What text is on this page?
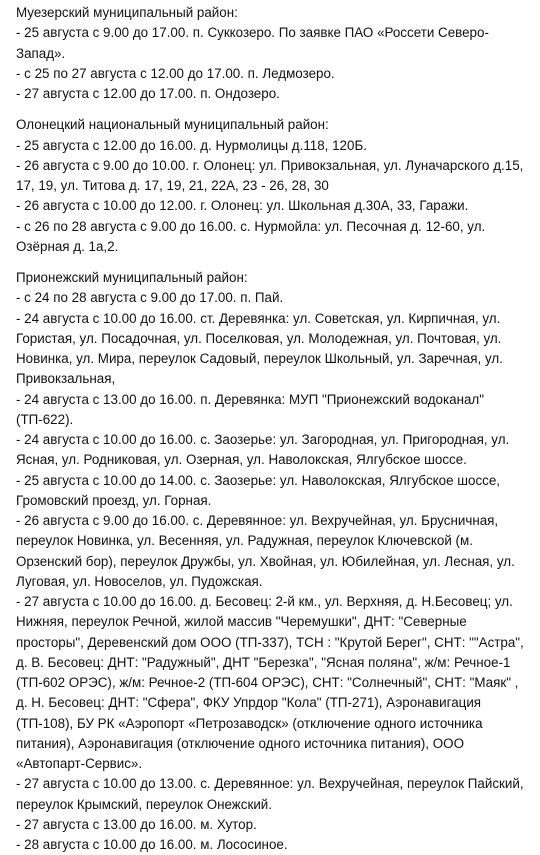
Муезерский муниципальный район:

- 25 августа с 9.00 до 17.00. п. Суккозеро. По заявке ПАО «Россети Северо-Запад».

- с 25 по 27 августа с 12.00 до 17.00. п. Ледмозеро.

- 27 августа с 12.00 до 17.00. п. Ондозеро.

Олонецкий национальный муниципальный район:

- 25 августа с 12.00 до 16.00. д. Нурмолицы д.118, 120Б.

- 26 августа с 9.00 до 10.00. г. Олонец: ул. Привокзальная, ул. Луначарского д.15, 17, 19, ул. Титова д. 17, 19, 21, 22А, 23 - 26, 28, 30

- 26 августа с 10.00 до 12.00. г. Олонец: ул. Школьная д.30А, 33, Гаражи.

- с 26 по 28 августа с 9.00 до 16.00. с. Нурмойла: ул. Песочная д. 12-60, ул. Озёрная д. 1а,2.

Прионежский муниципальный район:

- с 24 по 28 августа с 9.00 до 17.00. п. Пай.

- 24 августа с 10.00 до 16.00. ст. Деревянка: ул. Советская, ул. Кирпичная, ул. Гористая, ул. Посадочная, ул. Поселковая, ул. Молодежная, ул. Почтовая, ул. Новинка, ул. Мира, переулок Садовый, переулок Школьный, ул. Заречная, ул. Привокзальная,

- 24 августа с 13.00 до 16.00. п. Деревянка: МУП "Прионежский водоканал" (ТП-622).

- 24 августа с 10.00 до 16.00. с. Заозерье: ул. Загородная, ул. Пригородная, ул. Ясная, ул. Родниковая, ул. Озерная, ул. Наволокская, Ялгубское шоссе.

- 25 августа с 10.00 до 14.00. с. Заозерье: ул. Наволокская, Ялгубское шоссе, Громовский проезд, ул. Горная.

- 26 августа с 9.00 до 16.00. с. Деревянное: ул. Вехручейная, ул. Брусничная, переулок Новинка, ул. Весенняя, ул. Радужная, переулок Ключевской (м. Орзенский бор), переулок Дружбы, ул. Хвойная, ул. Юбилейная, ул. Лесная, ул. Луговая, ул. Новоселов, ул. Пудожская.

- 27 августа с 10.00 до 16.00. д. Бесовец: 2-й км., ул. Верхняя, д. Н.Бесовец; ул. Нижняя, переулок Речной, жилой массив "Черемушки", ДНТ: "Северные просторы", Деревенский дом ООО (ТП-337), ТСН : "Крутой Берег", СНТ: ""Астра", д. В. Бесовец: ДНТ: "Радужный", ДНТ "Березка", "Ясная поляна", ж/м: Речное-1 (ТП-602 ОРЭС), ж/м: Речное-2 (ТП-604 ОРЭС), СНТ: "Солнечный", СНТ: "Маяк" , д. Н. Бесовец: ДНТ: "Сфера", ФКУ Упрдор "Кола" (ТП-271), Аэронавигация (ТП-108), БУ РК «Аэропорт «Петрозаводск» (отключение одного источника питания), Аэронавигация (отключение одного источника питания), ООО «Автопарт-Сервис».

- 27 августа с 10.00 до 13.00. с. Деревянное: ул. Вехручейная, переулок Пайский, переулок Крымский, переулок Онежский.

- 27 августа с 13.00 до 16.00. м. Хутор.

- 28 августа с 10.00 до 16.00. м. Лососиное.
